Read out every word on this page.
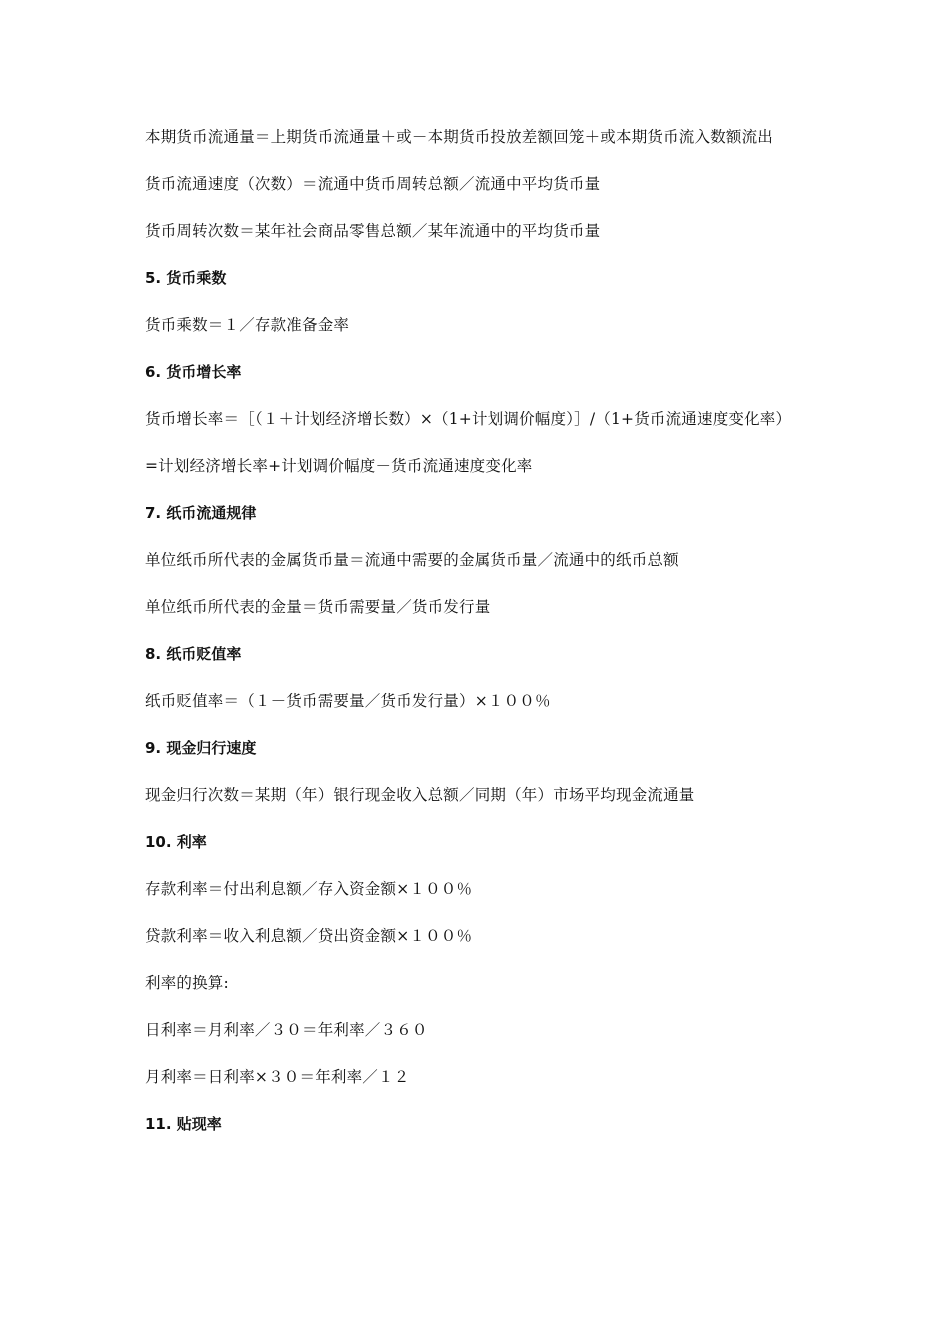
本期货币流通量＝上期货币流通量＋或－本期货币投放差额回笼＋或本期货币流入数额流出

货币流通速度（次数）＝流通中货币周转总额／流通中平均货币量

货币周转次数＝某年社会商品零售总额／某年流通中的平均货币量

5. 货币乘数

货币乘数＝１／存款准备金率

6. 货币增长率

货币增长率＝［（１＋计划经济增长数）×（1+计划调价幅度）］/（1+货币流通速度变化率）

=计划经济增长率+计划调价幅度－货币流通速度变化率

7. 纸币流通规律

单位纸币所代表的金属货币量＝流通中需要的金属货币量／流通中的纸币总额

单位纸币所代表的金量＝货币需要量／货币发行量

8. 纸币贬值率

纸币贬值率＝（１－货币需要量／货币发行量）×１００％

9. 现金归行速度

现金归行次数＝某期（年）银行现金收入总额／同期（年）市场平均现金流通量

10. 利率

存款利率＝付出利息额／存入资金额×１００％

贷款利率＝收入利息额／贷出资金额×１００％

利率的换算:

日利率＝月利率／３０＝年利率／３６０

月利率＝日利率×３０＝年利率／１２

11. 贴现率
